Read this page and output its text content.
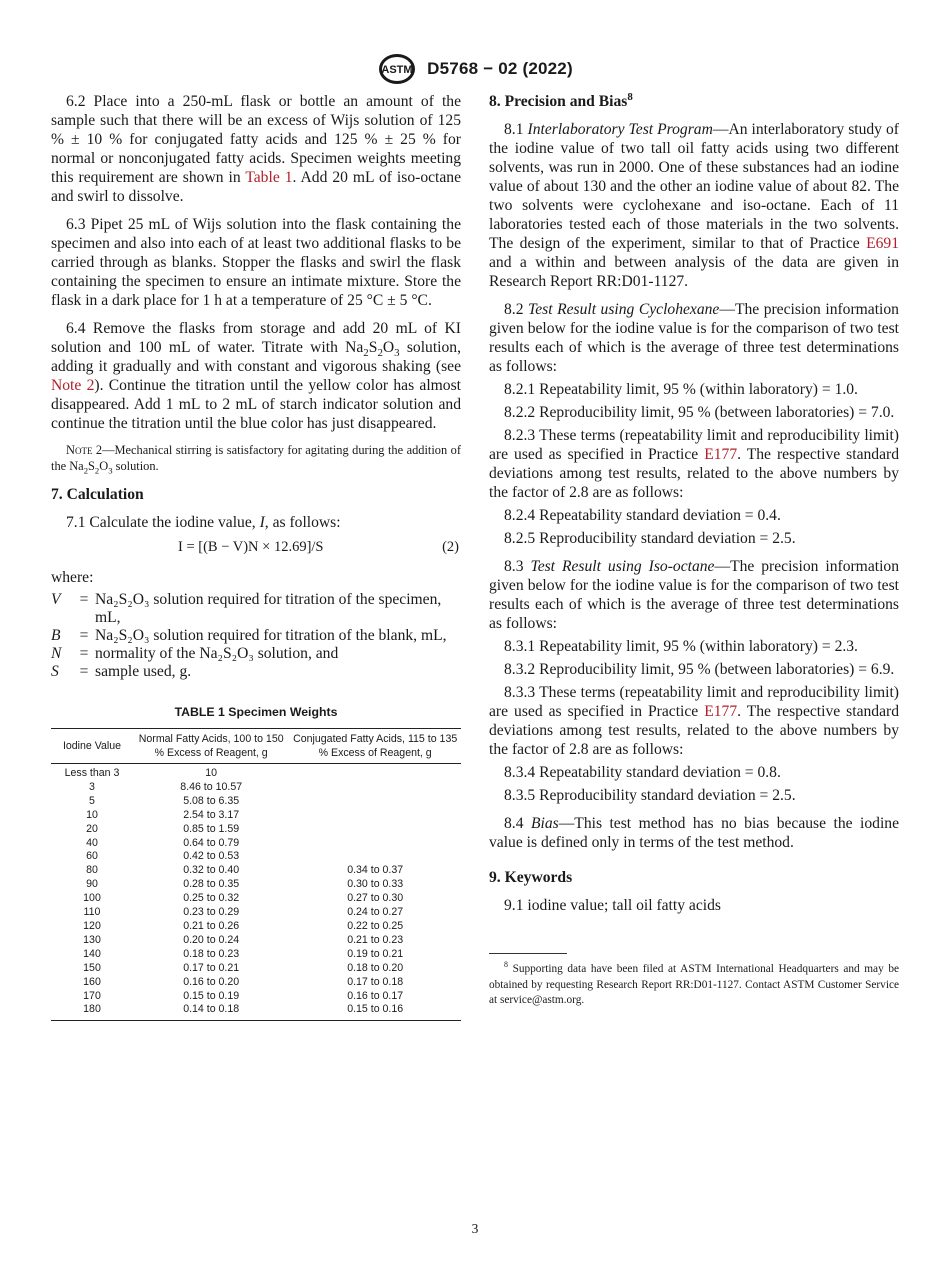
ASTM D5768 − 02 (2022)

6.2 Place into a 250-mL flask or bottle an amount of the sample such that there will be an excess of Wijs solution of 125 % ± 10 % for conjugated fatty acids and 125 % ± 25 % for normal or nonconjugated fatty acids. Specimen weights meeting this requirement are shown in Table 1. Add 20 mL of iso-octane and swirl to dissolve.

6.3 Pipet 25 mL of Wijs solution into the flask containing the specimen and also into each of at least two additional flasks to be carried through as blanks. Stopper the flasks and swirl the flask containing the specimen to ensure an intimate mixture. Store the flask in a dark place for 1 h at a temperature of 25 °C ± 5 °C.

6.4 Remove the flasks from storage and add 20 mL of KI solution and 100 mL of water. Titrate with $Na_2S_2O_3$ solution, adding it gradually and with constant and vigorous shaking (see Note 2). Continue the titration until the yellow color has almost disappeared. Add 1 mL to 2 mL of starch indicator solution and continue the titration until the blue color has just disappeared.

Note 2—Mechanical stirring is satisfactory for agitating during the addition of the $Na_2S_2O_3$ solution.
7. Calculation

7.1 Calculate the iodine value, I, as follows:

I = [(B − V)N × 12.69]/S	(2)
where:
V	= Na₂S₂O₃ solution required for titration of the specimen, mL,
B	= Na₂S₂O₃ solution required for titration of the blank, mL,
N	= normality of the Na₂S₂O₃ solution, and
S	= sample used, g.
TABLE 1 Specimen Weights
Iodine Value	Normal Fatty Acids, 100 to 150 % Excess of Reagent, g	Conjugated Fatty Acids, 115 to 135 % Excess of Reagent, g
Less than 3	10	
3	8.46 to 10.57	
5	5.08 to 6.35	
10	2.54 to 3.17	
20	0.85 to 1.59	
40	0.64 to 0.79	
60	0.42 to 0.53	
80	0.32 to 0.40	0.34 to 0.37
90	0.28 to 0.35	0.30 to 0.33
100	0.25 to 0.32	0.27 to 0.30
110	0.23 to 0.29	0.24 to 0.27
120	0.21 to 0.26	0.22 to 0.25
130	0.20 to 0.24	0.21 to 0.23
140	0.18 to 0.23	0.19 to 0.21
150	0.17 to 0.21	0.18 to 0.20
160	0.16 to 0.20	0.17 to 0.18
170	0.15 to 0.19	0.16 to 0.17
180	0.14 to 0.18	0.15 to 0.16
8. Precision and Bias$^8$

8.1 Interlaboratory Test Program—An interlaboratory study of the iodine value of two tall oil fatty acids using two different solvents, was run in 2000. One of these substances had an iodine value of about 130 and the other an iodine value of about 82. The two solvents were cyclohexane and iso-octane. Each of 11 laboratories tested each of those materials in the two solvents. The design of the experiment, similar to that of Practice E691 and a within and between analysis of the data are given in Research Report RR:D01-1127.

8.2 Test Result using Cyclohexane—The precision information given below for the iodine value is for the comparison of two test results each of which is the average of three test determinations as follows:

8.2.1 Repeatability limit, 95 % (within laboratory) = 1.0.

8.2.2 Reproducibility limit, 95 % (between laboratories) = 7.0.

8.2.3 These terms (repeatability limit and reproducibility limit) are used as specified in Practice E177. The respective standard deviations among test results, related to the above numbers by the factor of 2.8 are as follows:

8.2.4 Repeatability standard deviation = 0.4.

8.2.5 Reproducibility standard deviation = 2.5.

8.3 Test Result using Iso-octane—The precision information given below for the iodine value is for the comparison of two test results each of which is the average of three test determinations as follows:

8.3.1 Repeatability limit, 95 % (within laboratory) = 2.3.

8.3.2 Reproducibility limit, 95 % (between laboratories) = 6.9.

8.3.3 These terms (repeatability limit and reproducibility limit) are used as specified in Practice E177. The respective standard deviations among test results, related to the above numbers by the factor of 2.8 are as follows:

8.3.4 Repeatability standard deviation = 0.8.

8.3.5 Reproducibility standard deviation = 2.5.

8.4 Bias—This test method has no bias because the iodine value is defined only in terms of the test method.

9. Keywords

9.1 iodine value; tall oil fatty acids

$^8$ Supporting data have been filed at ASTM International Headquarters and may be obtained by requesting Research Report RR:D01-1127. Contact ASTM Customer Service at service@astm.org.

3
